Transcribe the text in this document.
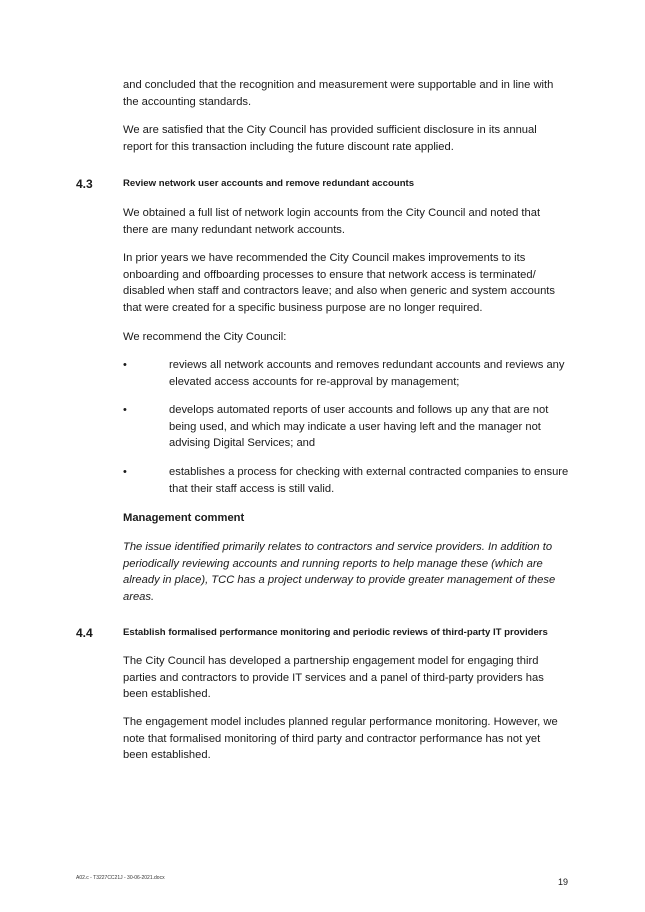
and concluded that the recognition and measurement were supportable and in line with the accounting standards.

We are satisfied that the City Council has provided sufficient disclosure in its annual report for this transaction including the future discount rate applied.

4.3	Review network user accounts and remove redundant accounts

We obtained a full list of network login accounts from the City Council and noted that there are many redundant network accounts.

In prior years we have recommended the City Council makes improvements to its onboarding and offboarding processes to ensure that network access is terminated/ disabled when staff and contractors leave; and also when generic and system accounts that were created for a specific business purpose are no longer required.

We recommend the City Council:

•	reviews all network accounts and removes redundant accounts and reviews any elevated access accounts for re-approval by management;

•	develops automated reports of user accounts and follows up any that are not being used, and which may indicate a user having left and the manager not advising Digital Services; and

•	establishes a process for checking with external contracted companies to ensure that their staff access is still valid.

Management comment

The issue identified primarily relates to contractors and service providers. In addition to periodically reviewing accounts and running reports to help manage these (which are already in place), TCC has a project underway to provide greater management of these areas.

4.4	Establish formalised performance monitoring and periodic reviews of third-party IT providers

The City Council has developed a partnership engagement model for engaging third parties and contractors to provide IT services and a panel of third-party providers has been established.

The engagement model includes planned regular performance monitoring. However, we note that formalised monitoring of third party and contractor performance has not yet been established.

A02.c - T3227CC21J - 30-06-2021.docx	19
